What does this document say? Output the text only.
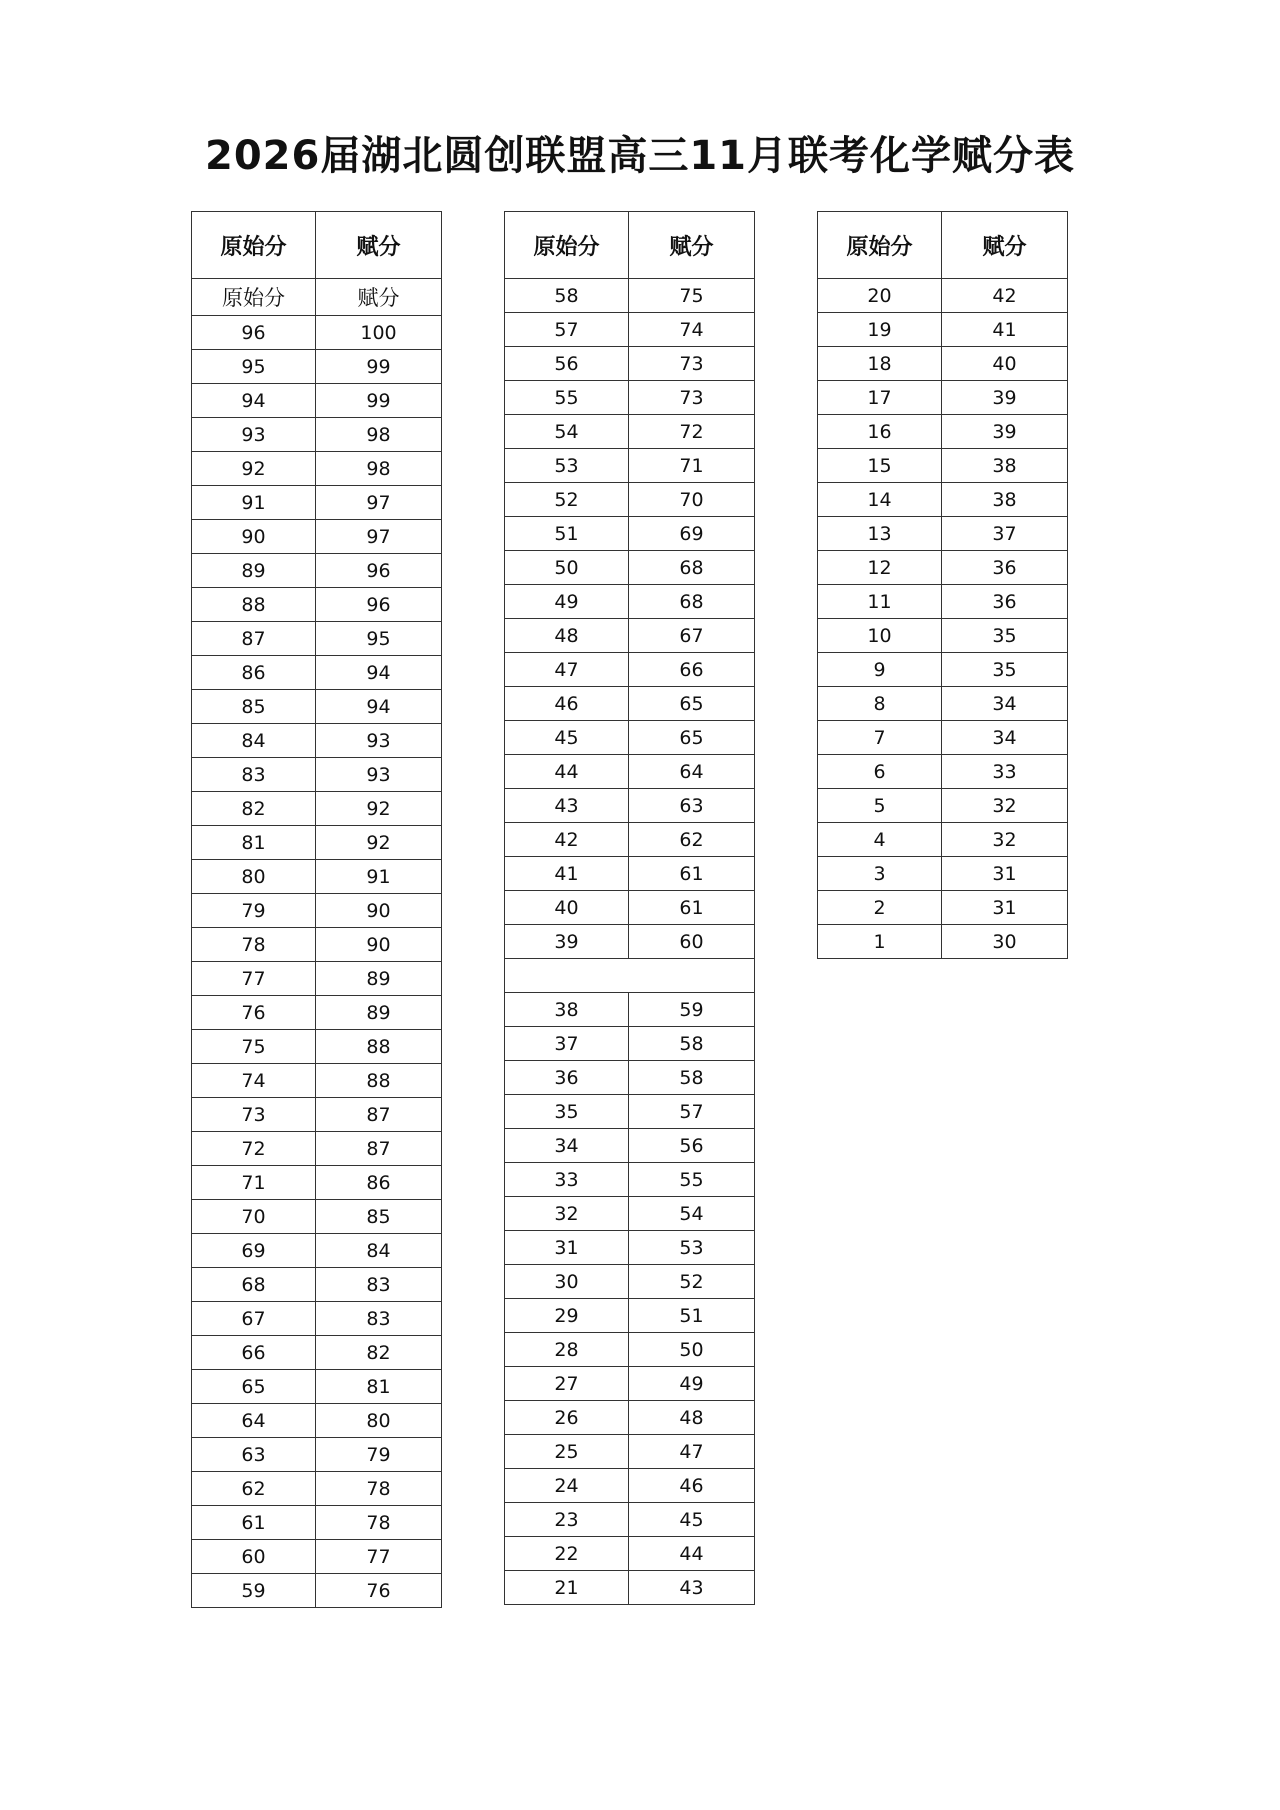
2026届湖北圆创联盟高三11月联考化学赋分表
原始分	赋分
原始分	赋分
96	100
95	99
94	99
93	98
92	98
91	97
90	97
89	96
88	96
87	95
86	94
85	94
84	93
83	93
82	92
81	92
80	91
79	90
78	90
77	89
76	89
75	88
74	88
73	87
72	87
71	86
70	85
69	84
68	83
67	83
66	82
65	81
64	80
63	79
62	78
61	78
60	77
59	76
原始分	赋分
58	75
57	74
56	73
55	73
54	72
53	71
52	70
51	69
50	68
49	68
48	67
47	66
46	65
45	65
44	64
43	63
42	62
41	61
40	61
39	60

38	59
37	58
36	58
35	57
34	56
33	55
32	54
31	53
30	52
29	51
28	50
27	49
26	48
25	47
24	46
23	45
22	44
21	43
原始分	赋分
20	42
19	41
18	40
17	39
16	39
15	38
14	38
13	37
12	36
11	36
10	35
9	35
8	34
7	34
6	33
5	32
4	32
3	31
2	31
1	30
